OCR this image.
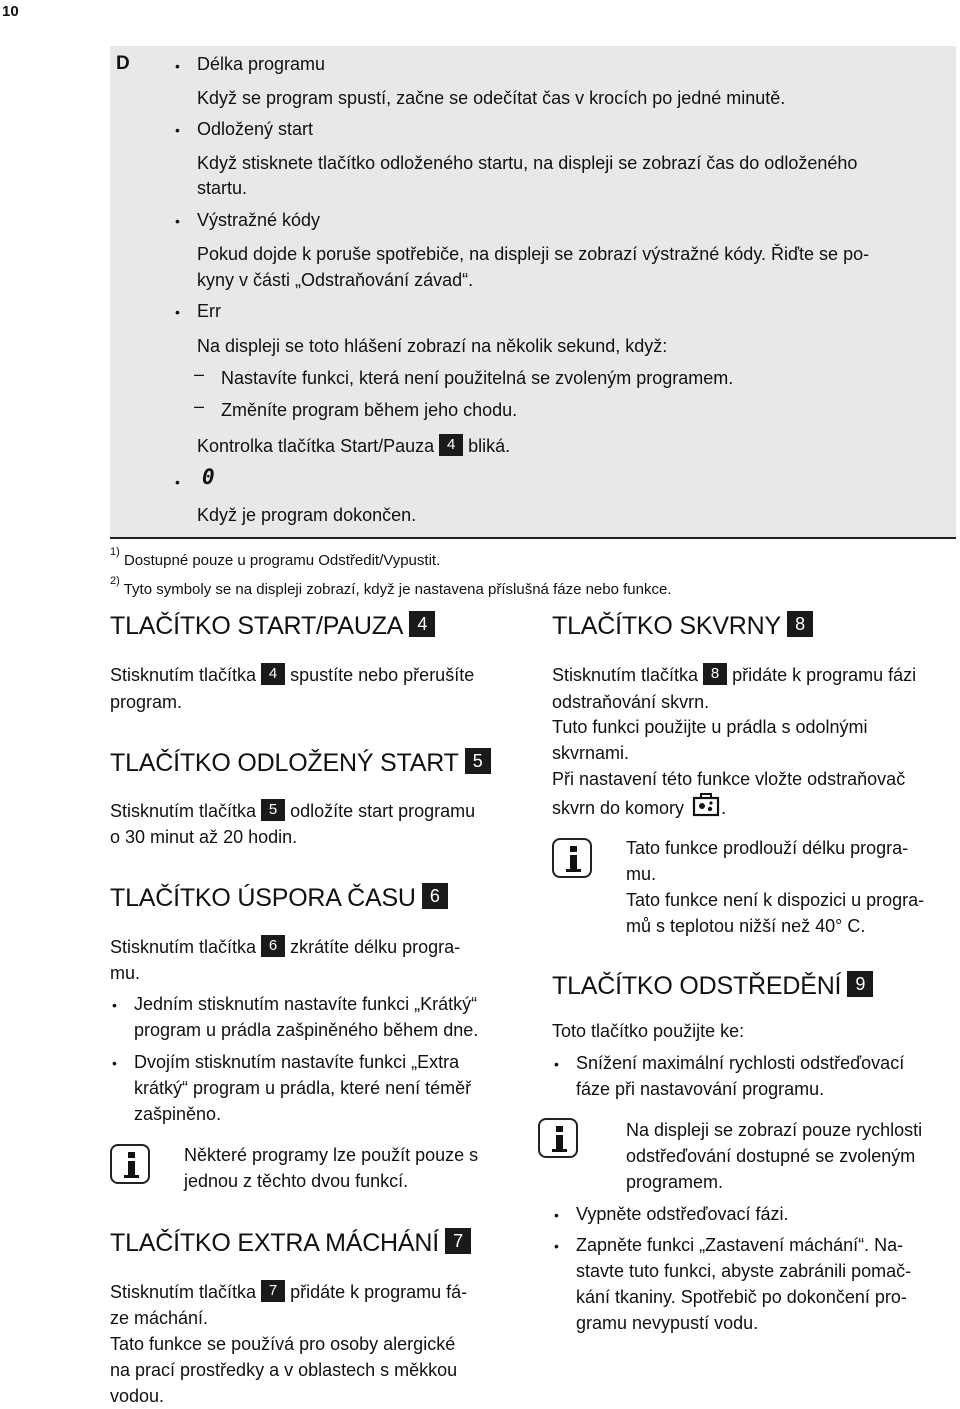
10
D	• Délka programu
Když se program spustí, začne se odečítat čas v krocích po jedné minutě.
• Odložený start
Když stisknete tlačítko odloženého startu, na displeji se zobrazí čas do odloženého
startu.
• Výstražné kódy
Pokud dojde k poruše spotřebiče, na displeji se zobrazí výstražné kódy. Řiďte se po-
kyny v části „Odstraňování závad“.
• Err
Na displeji se toto hlášení zobrazí na několik sekund, když:
– Nastavíte funkci, která není použitelná se zvoleným programem.
– Změníte program během jeho chodu.
Kontrolka tlačítka Start/Pauza 4 bliká.
• 0
Když je program dokončen.
$^{1)}$ Dostupné pouze u programu Odstředit/Vypustit.
$^{2)}$ Tyto symboly se na displeji zobrazí, když je nastavena příslušná fáze nebo funkce.
TLAČÍTKO START/PAUZA 4
Stisknutím tlačítka 4 spustíte nebo přerušíte
program.
TLAČÍTKO ODLOŽENÝ START 5
Stisknutím tlačítka 5 odložíte start programu
o 30 minut až 20 hodin.
TLAČÍTKO ÚSPORA ČASU 6
Stisknutím tlačítka 6 zkrátíte délku progra-
mu.
• Jedním stisknutím nastavíte funkci „Krátký“
program u prádla zašpiněného během dne.
• Dvojím stisknutím nastavíte funkci „Extra
krátký“ program u prádla, které není téměř
zašpiněno.
Některé programy lze použít pouze s
jednou z těchto dvou funkcí.
TLAČÍTKO EXTRA MÁCHÁNÍ 7
Stisknutím tlačítka 7 přidáte k programu fá-
ze máchání.
Tato funkce se používá pro osoby alergické
na prací prostředky a v oblastech s měkkou
vodou.
TLAČÍTKO SKVRNY 8
Stisknutím tlačítka 8 přidáte k programu fázi
odstraňování skvrn.
Tuto funkci použijte u prádla s odolnými
skvrnami.
Při nastavení této funkce vložte odstraňovač
skvrn do komory .
Tato funkce prodlouží délku progra-
mu.
Tato funkce není k dispozici u progra-
mů s teplotou nižší než 40° C.
TLAČÍTKO ODSTŘEDĚNÍ 9
Toto tlačítko použijte ke:
• Snížení maximální rychlosti odstřeďovací
fáze při nastavování programu.
Na displeji se zobrazí pouze rychlosti
odstřeďování dostupné se zvoleným
programem.
• Vypněte odstřeďovací fázi.
• Zapněte funkci „Zastavení máchání“. Na-
stavte tuto funkci, abyste zabránili pomač-
kání tkaniny. Spotřebič po dokončení pro-
gramu nevypustí vodu.
